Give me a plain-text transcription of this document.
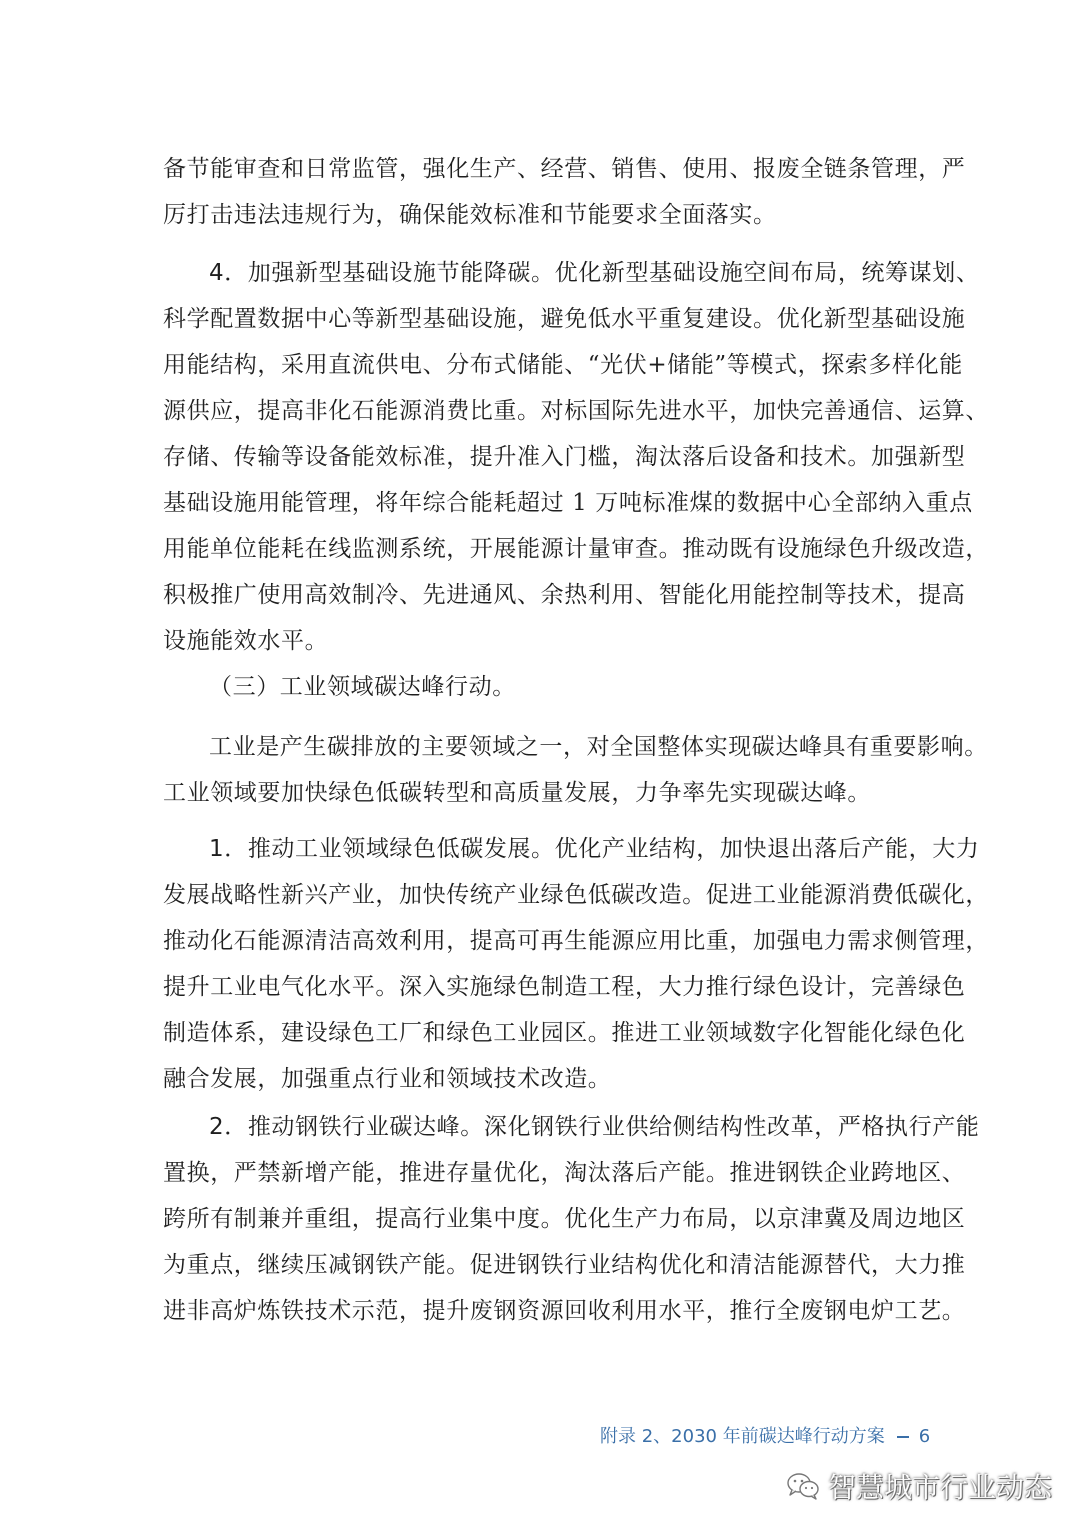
备节能审查和日常监管，强化生产、经营、销售、使用、报废全链条管理，严
厉打击违法违规行为，确保能效标准和节能要求全面落实。
4．加强新型基础设施节能降碳。优化新型基础设施空间布局，统筹谋划、
科学配置数据中心等新型基础设施，避免低水平重复建设。优化新型基础设施
用能结构，采用直流供电、分布式储能、“光伏+储能”等模式，探索多样化能
源供应，提高非化石能源消费比重。对标国际先进水平，加快完善通信、运算、
存储、传输等设备能效标准，提升准入门槛，淘汰落后设备和技术。加强新型
基础设施用能管理，将年综合能耗超过 1 万吨标准煤的数据中心全部纳入重点
用能单位能耗在线监测系统，开展能源计量审查。推动既有设施绿色升级改造，
积极推广使用高效制冷、先进通风、余热利用、智能化用能控制等技术，提高
设施能效水平。
（三）工业领域碳达峰行动。
工业是产生碳排放的主要领域之一，对全国整体实现碳达峰具有重要影响。
工业领域要加快绿色低碳转型和高质量发展，力争率先实现碳达峰。
1．推动工业领域绿色低碳发展。优化产业结构，加快退出落后产能，大力
发展战略性新兴产业，加快传统产业绿色低碳改造。促进工业能源消费低碳化，
推动化石能源清洁高效利用，提高可再生能源应用比重，加强电力需求侧管理，
提升工业电气化水平。深入实施绿色制造工程，大力推行绿色设计，完善绿色
制造体系，建设绿色工厂和绿色工业园区。推进工业领域数字化智能化绿色化
融合发展，加强重点行业和领域技术改造。
2．推动钢铁行业碳达峰。深化钢铁行业供给侧结构性改革，严格执行产能
置换，严禁新增产能，推进存量优化，淘汰落后产能。推进钢铁企业跨地区、
跨所有制兼并重组，提高行业集中度。优化生产力布局，以京津冀及周边地区
为重点，继续压减钢铁产能。促进钢铁行业结构优化和清洁能源替代，大力推
进非高炉炼铁技术示范，提升废钢资源回收利用水平，推行全废钢电炉工艺。
附录 2、2030 年前碳达峰行动方案 6
智慧城市行业动态
